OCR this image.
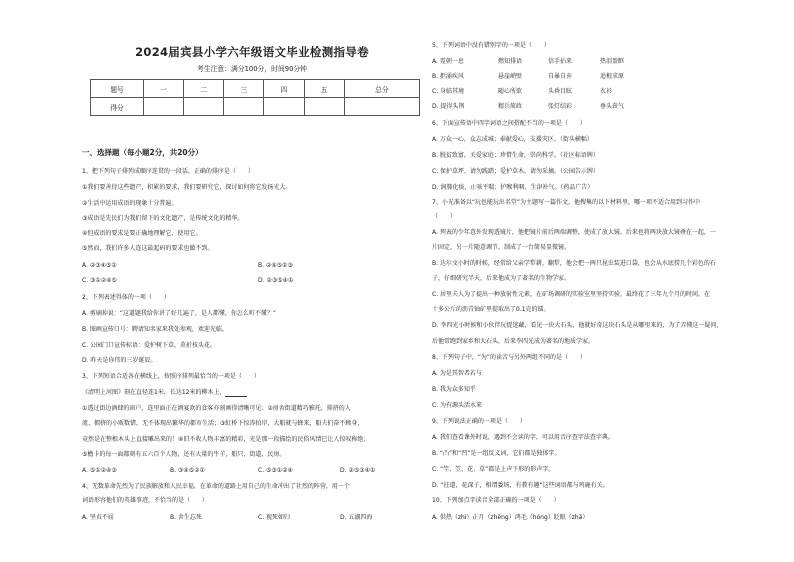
2024届宾县小学六年级语文毕业检测指导卷
考生注意：满分100分，时间90分钟
题号	一	二	三	四	五	总分
得分						
一、选择题（每小题2分，共20分）
1、把下列句子排列成顺序连贯的一段话，正确的排序是（　　）
①我们要善待这些遗产，积累的要求，我们要研究它，探讨如何将它发扬光大。
②生活中运用成语的现象十分普遍。
③成语是先民们为我们留下的文化遗产，是传统文化的精华。
④但成语的要求是要正确地理解它、使用它。
⑤然而，我们许多人连这最起码的要求也做不到。
A. ②③④⑤①	B. ②④⑤①③
C. ③①②④⑤	D. ②③⑤④①
2、下列表述得体的一项（　　）
A. 剪刷掉说：“这道题我给你讲了好几遍了，是人都懂，你怎么听不懂？”
B. 图画宣传口号：聘请知名家来我处参观，欢迎光临。
C. 公园门口宣传标语：爱护树下草，莫折枝头花。
D. 昨天是你伟的三岁诞辰。
3、下列短语合适各在横线上，按照序排列最恰当的一项是（　　）
《清明上河图》刻在直径连1米，长达12米的柳木上，
①透过街边酒肆的窗户，连里面正在酒宴欢的食客亦刻画得清晰可见；②房舍街道精巧雅托，排挤的人
流、拥挤的小贩数错，无不体现出繁华的都市生活；③虹桥下惊涛拍岸，大船就与蜂来，船夫们奋不顾身，
竟然是在整根木头上直接雕出来的！④旧不收人物丰富的精彩，光是那一段描绘的民俗风情已让人惊叹称绝；
⑤檐卡的每一面都刻有五六百个人物，还有大量的牛羊，船只，街道，民房。
A. ⑤①②④③	B. ③④⑤②①	C. ⑤③①②④	D. ②⑤③④①
4、无数革命先烈为了民族解放和人民幸福，在革命的道路上用自己的生命冲出了社烈的阵营，用一个
词语形容他们的英雄事迹，不恰当的是（　　）
A. 坚贞不屈	B. 舍生忘死	C. 视死如归	D. 五湖四海
5、下列词语中没有错别字的一项是（　　）
A. 霓朝一息	燃知排语	信手拈来	热泪盈眶
B. 拒涌疾风	悬崖峭壁	自暴自弃	追根求原
C. 身临其境	随心所欲	头昏目眩	衣衫
D. 提得头荆	精兵简政	张灯结彩	垂头丧气
6、下面宣传语中四字词语之间搭配不当的一项是（　　）
A. 万众一心，众志成城；奉献爱心，支援灾区。（街头横幅）
B. 脱贫致富，关爱家庭；珍惜生命，崇尚科学。（社区标语牌）
C. 保护草坪，请勿践踏；爱护草木，请勿采摘。（公园告示牌）
D. 润肺化痰，止咳平喘；护喉利咽，生津补气。（药品广告）
7、小光准备以“玩也能玩出名堂”为主题写一篇作文，他搜集的以下材料里，哪一项不适合用到习作中
（　　）
A. 列表的少年意外发现透镜片，他把镜片前后两端调整，使成了放大镜。后来也将两块放大镜叠在一起，一
片固定，另一片随意调节，制成了一台简易显微镜。
B. 达尔文小时的时候，经常给父亲学犁耕、翻犁，他会把一两只昆虫装进口袋，也会从水底捞几个彩色的石
子，仔细研究半天，后来他成为了著名的生物学家。
C. 居里夫人为了提出一种放射性元素，在矿场调研的实验室里坚持实验，最终花了三年九个月的时间，在
十多公斤的沥青铀矿里提取出了0.1克的镭。
D. 李四光小时候和小伙伴玩捉迷藏，看见一块大石头，他就好奇这块石头是从哪里来的，为了弄懂这一疑问，
后他常跑到家乡和大石头，后来李四光成为著名的地质学家。
8、下列句子中，“为”的读音与另外两组不同的是（　　）
A. 为是其智者若与
B. 我为众多知乎
C. 为有源头活水来
9、下列说法正确的一项是（　　）
A. 我们查看课外时说，遇到不会读的字，可以用音序查字法查字典。
B. “凸”和“凹”是一组反义词，它们都是独体字。
C. “竿、笠、花、草”都是上声下形的形声字。
D. “拄道，花深子，相谓委场，有教有趣”这些词语都与鸡鹿有关。
10、下列加点字读音全部正确的一项是（　　）
A. 供热（zhì）正月（zhēng）鸿毛（hóng）眨眼（zhǎ）
